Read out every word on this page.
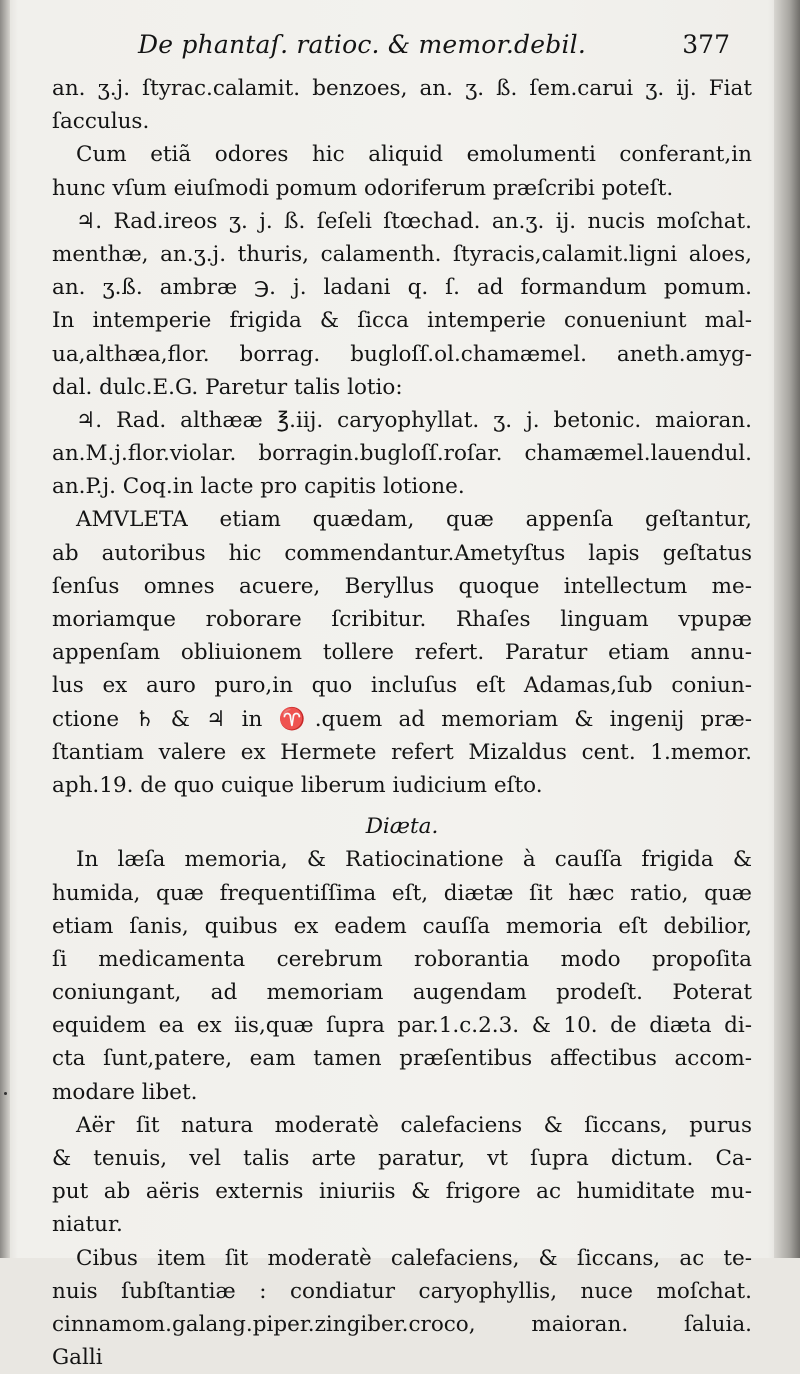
De phantaſ. ratioc. & memor.debil.	377
an. ʒ.j. ſtyrac.calamit. benzoes, an. ʒ. ß. ſem.carui ʒ. ij. Fiat
ſacculus.
Cum etiã odores hic aliquid emolumenti conferant,in
hunc vſum eiuſmodi pomum odoriferum præſcribi poteſt.
♃. Rad.ireos ʒ. j. ß. ſeſeli ſtœchad. an.ʒ. ij. nucis moſchat.
menthæ, an.ʒ.j. thuris, calamenth. ſtyracis,calamit.ligni aloes,
an. ʒ.ß. ambræ ℈. j. ladani q. ſ. ad formandum pomum.
In intemperie frigida & ſicca intemperie conueniunt mal-
ua,althæa,flor. borrag. bugloſſ.ol.chamæmel. aneth.amyg-
dal. dulc.E.G. Paretur talis lotio:
♃. Rad. althææ ℥.iij. caryophyllat. ʒ. j. betonic. maioran.
an.M.j.flor.violar. borragin.bugloſſ.roſar. chamæmel.lauendul.
an.P.j. Coq.in lacte pro capitis lotione.
AMVLETA etiam quædam, quæ appenſa geſtantur,
ab autoribus hic commendantur.Ametyſtus lapis geſtatus
ſenſus omnes acuere, Beryllus quoque intellectum me-
moriamque roborare ſcribitur. Rhaſes linguam vpupæ
appenſam obliuionem tollere refert. Paratur etiam annu-
lus ex auro puro,in quo incluſus eſt Adamas,ſub coniun-
ctione ♄ & ♃ in ♈.quem ad memoriam & ingenij præ-
ſtantiam valere ex Hermete refert Mizaldus cent. 1.memor.
aph.19. de quo cuique liberum iudicium eſto.
Diæta.
In læſa memoria, & Ratiocinatione à cauſſa frigida &
humida, quæ frequentiſſima eſt, diætæ ſit hæc ratio, quæ
etiam ſanis, quibus ex eadem cauſſa memoria eſt debilior,
ſi medicamenta cerebrum roborantia modo propoſita
coniungant, ad memoriam augendam prodeſt. Poterat
equidem ea ex iis,quæ ſupra par.1.c.2.3. & 10. de diæta di-
cta ſunt,patere, eam tamen præſentibus affectibus accom-
modare libet.
Aër ſit natura moderatè calefaciens & ſiccans, purus
& tenuis, vel talis arte paratur, vt ſupra dictum. Ca-
put ab aëris externis iniuriis & frigore ac humiditate mu-
niatur.
Cibus item ſit moderatè calefaciens, & ſiccans, ac te-
nuis ſubſtantiæ : condiatur caryophyllis, nuce moſchat.
cinnamom.galang.piper.zingiber.croco, maioran. ſaluia.
Galli
